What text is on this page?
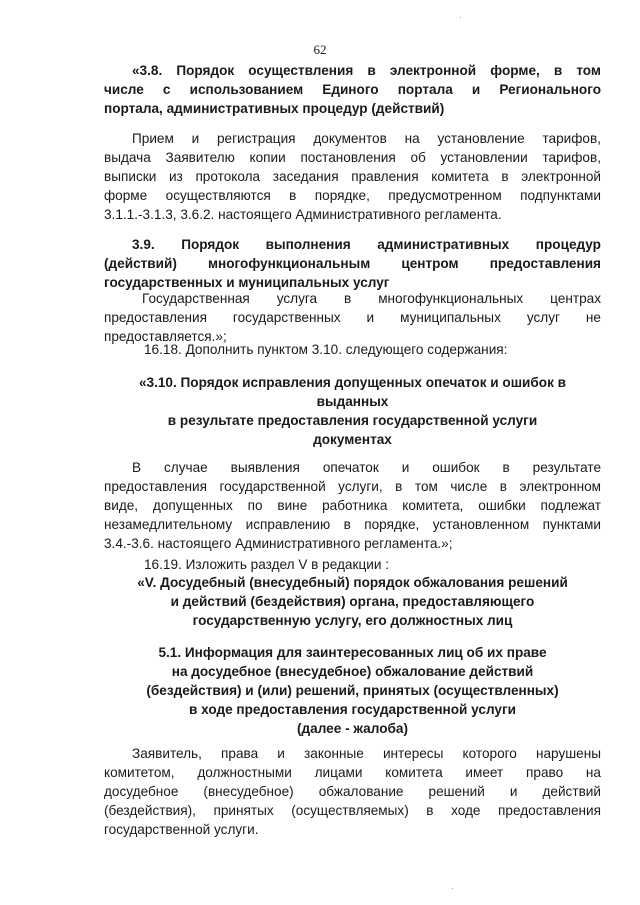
62
«3.8. Порядок осуществления в электронной форме, в том
числе с использованием Единого портала и Регионального
портала, административных процедур (действий)
Прием и регистрация документов на установление тарифов,
выдача Заявителю копии постановления об установлении тарифов,
выписки из протокола заседания правления комитета в электронной
форме осуществляются в порядке, предусмотренном подпунктами
3.1.1.-3.1.3, 3.6.2. настоящего Административного регламента.
3.9. Порядок выполнения административных процедур
(действий) многофункциональным центром предоставления
государственных и муниципальных услуг
Государственная услуга в многофункциональных центрах
предоставления государственных и муниципальных услуг не
предоставляется.»;
16.18. Дополнить пунктом 3.10. следующего содержания:
«3.10. Порядок исправления допущенных опечаток и ошибок в
выданных
в результате предоставления государственной услуги
документах
В случае выявления опечаток и ошибок в результате
предоставления государственной услуги, в том числе в электронном
виде, допущенных по вине работника комитета, ошибки подлежат
незамедлительному исправлению в порядке, установленном пунктами
3.4.-3.6. настоящего Административного регламента.»;
16.19. Изложить раздел V в редакции :
«V. Досудебный (внесудебный) порядок обжалования решений
и действий (бездействия) органа, предоставляющего
государственную услугу, его должностных лиц
5.1. Информация для заинтересованных лиц об их праве
на досудебное (внесудебное) обжалование действий
(бездействия) и (или) решений, принятых (осуществленных)
в ходе предоставления государственной услуги
(далее - жалоба)
Заявитель, права и законные интересы которого нарушены
комитетом, должностными лицами комитета имеет право на
досудебное (внесудебное) обжалование решений и действий
(бездействия), принятых (осуществляемых) в ходе предоставления
государственной услуги.
